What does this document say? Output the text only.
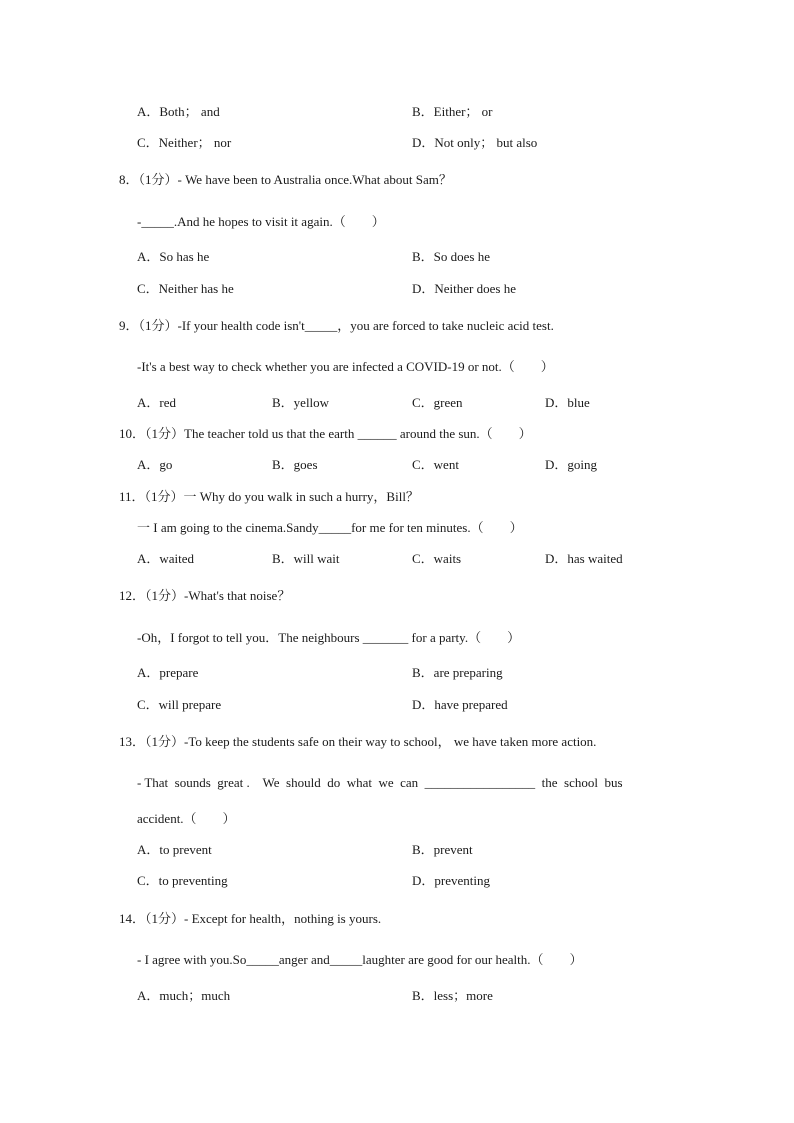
A．Both； and	B．Either； or
C．Neither； nor	D．Not only； but also
8．（1分）- We have been to Australia once.What about Sam？
-_____.And he hopes to visit it again.（　　）
A．So has he	B．So does he
C．Neither has he	D．Neither does he
9．（1分）-If your health code isn't_____，you are forced to take nucleic acid test.
-It's a best way to check whether you are infected a COVID-19 or not.（　　）
A．red	B．yellow	C．green	D．blue
10．（1分）The teacher told us that the earth ______ around the sun.（　　）
A．go	B．goes	C．went	D．going
11．（1分）一 Why do you walk in such a hurry，Bill？
一 I am going to the cinema.Sandy_____for me for ten minutes.（　　）
A．waited	B．will wait	C．waits	D．has waited
12．（1分）-What's that noise？
-Oh，I forgot to tell you．The neighbours _______ for a party.（　　）
A．prepare	B．are preparing
C．will prepare	D．have prepared
13．（1分）-To keep the students safe on their way to school， we have taken more action.
- That  sounds  great .    We  should  do  what  we  can  _________________  the  school  bus
accident.（　　）
A．to prevent	B．prevent
C．to preventing	D．preventing
14．（1分）- Except for health，nothing is yours.
- I agree with you.So_____anger and_____laughter are good for our health.（　　）
A．much；much	B．less；more
